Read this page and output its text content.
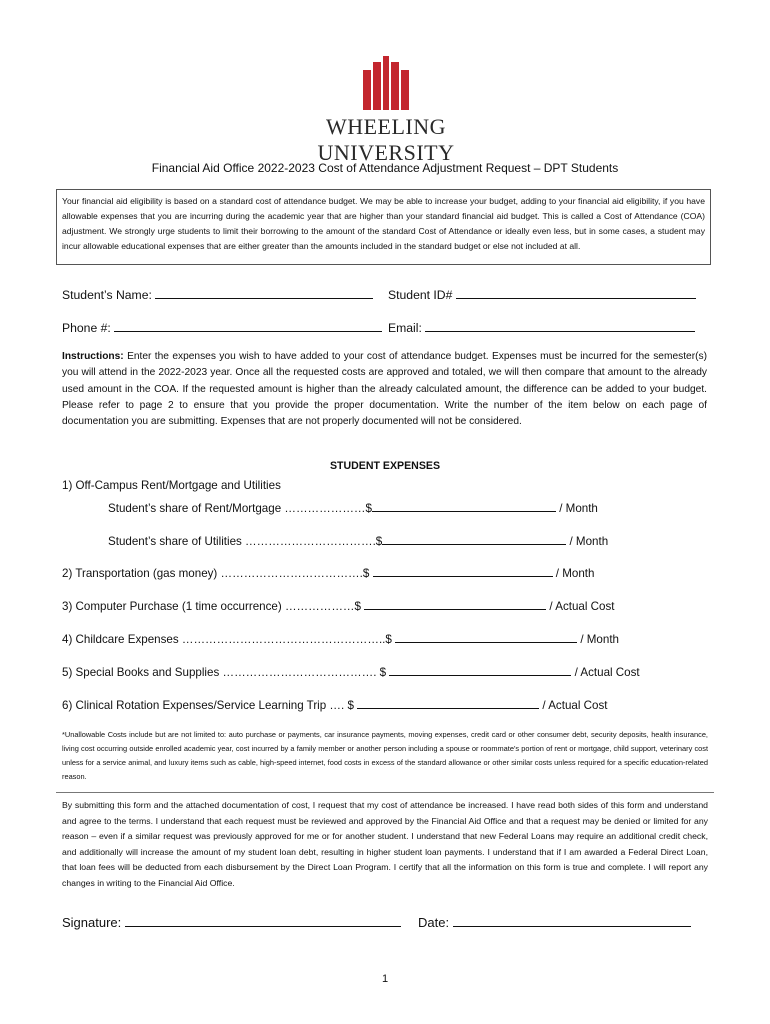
WHEELING UNIVERSITY
Financial Aid Office 2022-2023 Cost of Attendance Adjustment Request – DPT Students
Your financial aid eligibility is based on a standard cost of attendance budget. We may be able to increase your budget, adding to your financial aid eligibility, if you have allowable expenses that you are incurring during the academic year that are higher than your standard financial aid budget. This is called a Cost of Attendance (COA) adjustment. We strongly urge students to limit their borrowing to the amount of the standard Cost of Attendance or ideally even less, but in some cases, a student may incur allowable educational expenses that are either greater than the amounts included in the standard budget or else not included at all.
Student’s Name:	Student ID#
Phone #:	Email:
Instructions: Enter the expenses you wish to have added to your cost of attendance budget. Expenses must be incurred for the semester(s) you will attend in the 2022-2023 year. Once all the requested costs are approved and totaled, we will then compare that amount to the already used amount in the COA. If the requested amount is higher than the already calculated amount, the difference can be added to your budget. Please refer to page 2 to ensure that you provide the proper documentation. Write the number of the item below on each page of documentation you are submitting. Expenses that are not properly documented will not be considered.
STUDENT EXPENSES
1) Off-Campus Rent/Mortgage and Utilities
Student’s share of Rent/Mortgage …………………$	/ Month
Student’s share of Utilities …………………………….$	/ Month
2) Transportation (gas money) ……………………………….$	/ Month
3) Computer Purchase (1 time occurrence) ………………$	/ Actual Cost
4) Childcare Expenses ……………………………………………..$	/ Month
5) Special Books and Supplies …………………………………. $	/ Actual Cost
6) Clinical Rotation Expenses/Service Learning Trip …. $	/ Actual Cost
*Unallowable Costs include but are not limited to: auto purchase or payments, car insurance payments, moving expenses, credit card or other consumer debt, security deposits, health insurance, living cost occurring outside enrolled academic year, cost incurred by a family member or another person including a spouse or roommate’s portion of rent or mortgage, child support, veterinary cost unless for a service animal, and luxury items such as cable, high-speed internet, food costs in excess of the standard allowance or other similar costs unless required for a specific education-related reason.
By submitting this form and the attached documentation of cost, I request that my cost of attendance be increased. I have read both sides of this form and understand and agree to the terms. I understand that each request must be reviewed and approved by the Financial Aid Office and that a request may be denied or limited for any reason – even if a similar request was previously approved for me or for another student. I understand that new Federal Loans may require an additional credit check, and additionally will increase the amount of my student loan debt, resulting in higher student loan payments. I understand that if I am awarded a Federal Direct Loan, that loan fees will be deducted from each disbursement by the Direct Loan Program. I certify that all the information on this form is true and complete. I will report any changes in writing to the Financial Aid Office.
Signature:	Date:
1
